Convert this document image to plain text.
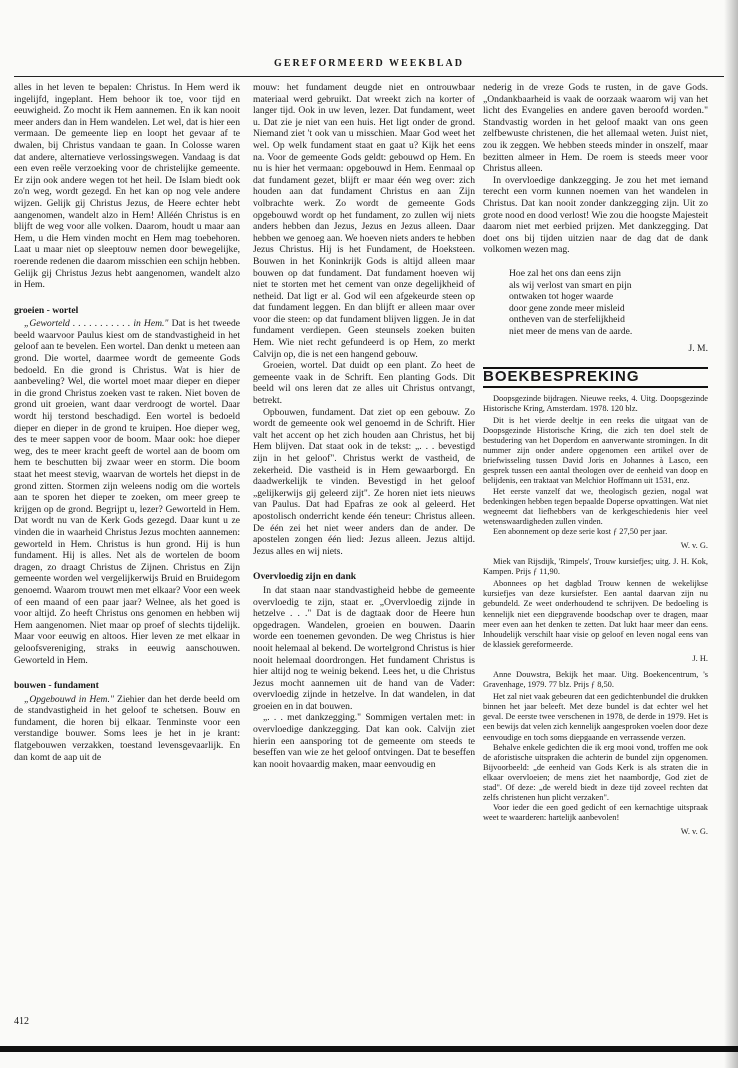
GEREFORMEERD WEEKBLAD

alles in het leven te bepalen: Christus. In Hem werd ik ingelijfd, ingeplant. Hem behoor ik toe, voor tijd en eeuwigheid. Zo mocht ik Hem aannemen. En ik kan nooit meer anders dan in Hem wandelen. Let wel, dat is hier een vermaan. De gemeente liep en loopt het gevaar af te dwalen, bij Christus vandaan te gaan. In Colosse waren dat andere, alternatieve verlossingswegen. Vandaag is dat een even reële verzoeking voor de christelijke gemeente. Er zijn ook andere wegen tot het heil. De Islam biedt ook zo'n weg, wordt gezegd. En het kan op nog vele andere wijzen. Gelijk gij Christus Jezus, de Heere echter hebt aangenomen, wandelt alzo in Hem! Alléén Christus is en blijft de weg voor alle volken. Daarom, houdt u maar aan Hem, u die Hem vinden mocht en Hem mag toebehoren. Laat u maar niet op sleeptouw nemen door bewegelijke, roerende redenen die daarom misschien een schijn hebben. Gelijk gij Christus Jezus hebt aangenomen, wandelt alzo in Hem.

groeien - wortel

„Geworteld . . . . . . . . . . . in Hem." Dat is het tweede beeld waarvoor Paulus kiest om de standvastigheid in het geloof aan te bevelen. Een wortel. Dan denkt u meteen aan grond. Die wortel, daarmee wordt de gemeente Gods bedoeld. En die grond is Christus. Wat is hier de aanbeveling? Wel, die wortel moet maar dieper en dieper in die grond Christus zoeken vast te raken. Niet boven de grond uit groeien, want daar verdroogt de wortel. Daar wordt hij terstond beschadigd. Een wortel is bedoeld dieper en dieper in de grond te kruipen. Hoe dieper weg, des te meer sappen voor de boom. Maar ook: hoe dieper weg, des te meer kracht geeft de wortel aan de boom om hem te beschutten bij zwaar weer en storm. Die boom staat het meest stevig, waarvan de wortels het diepst in de grond zitten. Stormen zijn weleens nodig om die wortels aan te sporen het dieper te zoeken, om meer greep te krijgen op de grond. Begrijpt u, lezer? Geworteld in Hem. Dat wordt nu van de Kerk Gods gezegd. Daar kunt u ze vinden die in waarheid Christus Jezus mochten aannemen: geworteld in Hem. Christus is hun grond. Hij is hun fundament. Hij is alles. Net als de wortelen de boom dragen, zo draagt Christus de Zijnen. Christus en Zijn gemeente worden wel vergelijkerwijs Bruid en Bruidegom genoemd. Waarom trouwt men met elkaar? Voor een week of een maand of een paar jaar? Welnee, als het goed is voor altijd. Zo heeft Christus ons genomen en hebben wij Hem aangenomen. Niet maar op proef of slechts tijdelijk. Maar voor eeuwig en altoos. Hier leven ze met elkaar in geloofsvereniging, straks in eeuwig aanschouwen. Geworteld in Hem.

bouwen - fundament

„Opgebouwd in Hem." Ziehier dan het derde beeld om de standvastigheid in het geloof te schetsen. Bouw en fundament, die horen bij elkaar. Tenminste voor een verstandige bouwer. Soms lees je het in je krant: flatgebouwen verzakken, toestand levensgevaarlijk. En dan komt de aap uit de

mouw: het fundament deugde niet en ontrouwbaar materiaal werd gebruikt. Dat wreekt zich na korter of langer tijd. Ook in uw leven, lezer. Dat fundament, weet u. Dat zie je niet van een huis. Het ligt onder de grond. Niemand ziet 't ook van u misschien. Maar God weet het wel. Op welk fundament staat en gaat u? Kijk het eens na. Voor de gemeente Gods geldt: gebouwd op Hem. En nu is hier het vermaan: opgebouwd in Hem. Eenmaal op dat fundament gezet, blijft er maar één weg over: zich houden aan dat fundament Christus en aan Zijn volbrachte werk. Zo wordt de gemeente Gods opgebouwd wordt op het fundament, zo zullen wij niets anders hebben dan Jezus, Jezus en Jezus alleen. Daar hebben we genoeg aan. We hoeven niets anders te hebben Jezus Christus. Hij is het Fundament, de Hoeksteen. Bouwen in het Koninkrijk Gods is altijd alleen maar bouwen op dat fundament. Dat fundament hoeven wij niet te storten met het cement van onze degelijkheid of netheid. Dat ligt er al. God wil een afgekeurde steen op dat fundament leggen. En dan blijft er alleen maar over voor die steen: op dat fundament blijven liggen. Je in dat fundament verdiepen. Geen steunsels zoeken buiten Hem. Wie niet recht gefundeerd is op Hem, zo merkt Calvijn op, die is net een hangend gebouw.

Groeien, wortel. Dat duidt op een plant. Zo heet de gemeente vaak in de Schrift. Een planting Gods. Dit beeld wil ons leren dat ze alles uit Christus ontvangt, betrekt.

Opbouwen, fundament. Dat ziet op een gebouw. Zo wordt de gemeente ook wel genoemd in de Schrift. Hier valt het accent op het zich houden aan Christus, het bij Hem blijven. Dat staat ook in de tekst: „. . . bevestigd zijn in het geloof". Christus werkt de vastheid, de zekerheid. Die vastheid is in Hem gewaarborgd. En daadwerkelijk te vinden. Bevestigd in het geloof „gelijkerwijs gij geleerd zijt". Ze horen niet iets nieuws van Paulus. Dat had Epafras ze ook al geleerd. Het apostolisch onderricht kende één teneur: Christus alleen. De één zei het niet weer anders dan de ander. De apostelen zongen één lied: Jezus alleen. Jezus altijd. Jezus alles en wij niets.

Overvloedig zijn en dank

In dat staan naar standvastigheid hebbe de gemeente overvloedig te zijn, staat er. „Overvloedig zijnde in hetzelve . . ." Dat is de dagtaak door de Heere hun opgedragen. Wandelen, groeien en bouwen. Daarin worde een toenemen gevonden. De weg Christus is hier nooit helemaal al bekend. De wortelgrond Christus is hier nooit helemaal doordrongen. Het fundament Christus is hier altijd nog te weinig bekend. Lees het, u die Christus Jezus mocht aannemen uit de hand van de Vader: overvloedig zijnde in hetzelve. In dat wandelen, in dat groeien en in dat bouwen.

„. . . met dankzegging." Sommigen vertalen met: in overvloedige dankzegging. Dat kan ook. Calvijn ziet hierin een aansporing tot de gemeente om steeds te beseffen van wie ze het geloof ontvingen. Dat te beseffen kan nooit hovaardig maken, maar eenvoudig en

nederig in de vreze Gods te rusten, in de gave Gods. „Ondankbaarheid is vaak de oorzaak waarom wij van het licht des Evangelies en andere gaven beroofd worden." Standvastig worden in het geloof maakt van ons geen zelfbewuste christenen, die het allemaal weten. Juist niet, zou ik zeggen. We hebben steeds minder in onszelf, maar bezitten almeer in Hem. De roem is steeds meer voor Christus alleen.

In overvloedige dankzegging. Je zou het met iemand terecht een vorm kunnen noemen van het wandelen in Christus. Dat kan nooit zonder dankzegging zijn. Uit zo grote nood en dood verlost! Wie zou die hoogste Majesteit daarom niet met eerbied prijzen. Met dankzegging. Dat doet ons bij tijden uitzien naar de dag dat de dank volkomen wezen mag.

Hoe zal het ons dan eens zijn
als wij verlost van smart en pijn
ontwaken tot hoger waarde
door gene zonde meer misleid
ontheven van de sterfelijkheid
niet meer de mens van de aarde.
J. M.
BOEKBESPREKING

Doopsgezinde bijdragen. Nieuwe reeks, 4. Uitg. Doopsgezinde Historische Kring, Amsterdam. 1978. 120 blz.

Dit is het vierde deeltje in een reeks die uitgaat van de Doopsgezinde Historische Kring, die zich ten doel stelt de bestudering van het Doperdom en aanverwante stromingen. In dit nummer zijn onder andere opgenomen een artikel over de briefwisseling tussen David Joris en Johannes à Lasco, een gesprek tussen een aantal theologen over de eenheid van doop en belijdenis, een traktaat van Melchior Hoffmann uit 1531, enz.

Het eerste vanzelf dat we, theologisch gezien, nogal wat bedenkingen hebben tegen bepaalde Doperse opvattingen. Wat niet wegneemt dat liefhebbers van de kerkgeschiedenis hier veel wetenswaardigheden zullen vinden.

Een abonnement op deze serie kost ƒ 27,50 per jaar.

W. v. G.

Miek van Rijsdijk, 'Rimpels', Trouw kursiefjes; uitg. J. H. Kok, Kampen. Prijs ƒ 11,90.

Abonnees op het dagblad Trouw kennen de wekelijkse kursiefjes van deze kursiefster. Een aantal daarvan zijn nu gebundeld. Ze weet onderhoudend te schrijven. De bedoeling is kennelijk niet een diepgravende boodschap over te dragen, maar meer even aan het denken te zetten. Dat lukt haar meer dan eens. Inhoudelijk verschilt haar visie op geloof en leven nogal eens van de klassiek gereformeerde.

J. H.

Anne Douwstra, Bekijk het maar. Uitg. Boekencentrum, 's Gravenhage, 1979. 77 blz. Prijs ƒ 8,50.

Het zal niet vaak gebeuren dat een gedichtenbundel die drukken binnen het jaar beleeft. Met deze bundel is dat echter wel het geval. De eerste twee verschenen in 1978, de derde in 1979. Het is een bewijs dat velen zich kennelijk aangesproken voelen door deze eenvoudige en toch soms diepgaande en verrassende verzen.

Behalve enkele gedichten die ik erg mooi vond, troffen me ook de aforistische uitspraken die achterin de bundel zijn opgenomen. Bijvoorbeeld: „de eenheid van Gods Kerk is als straten die in elkaar overvloeien; de mens ziet het naambordje, God ziet de stad". Of deze: „de wereld biedt in deze tijd zoveel rechten dat zelfs christenen hun plicht verzaken".

Voor ieder die een goed gedicht of een kernachtige uitspraak weet te waarderen: hartelijk aanbevolen!

W. v. G.
412
